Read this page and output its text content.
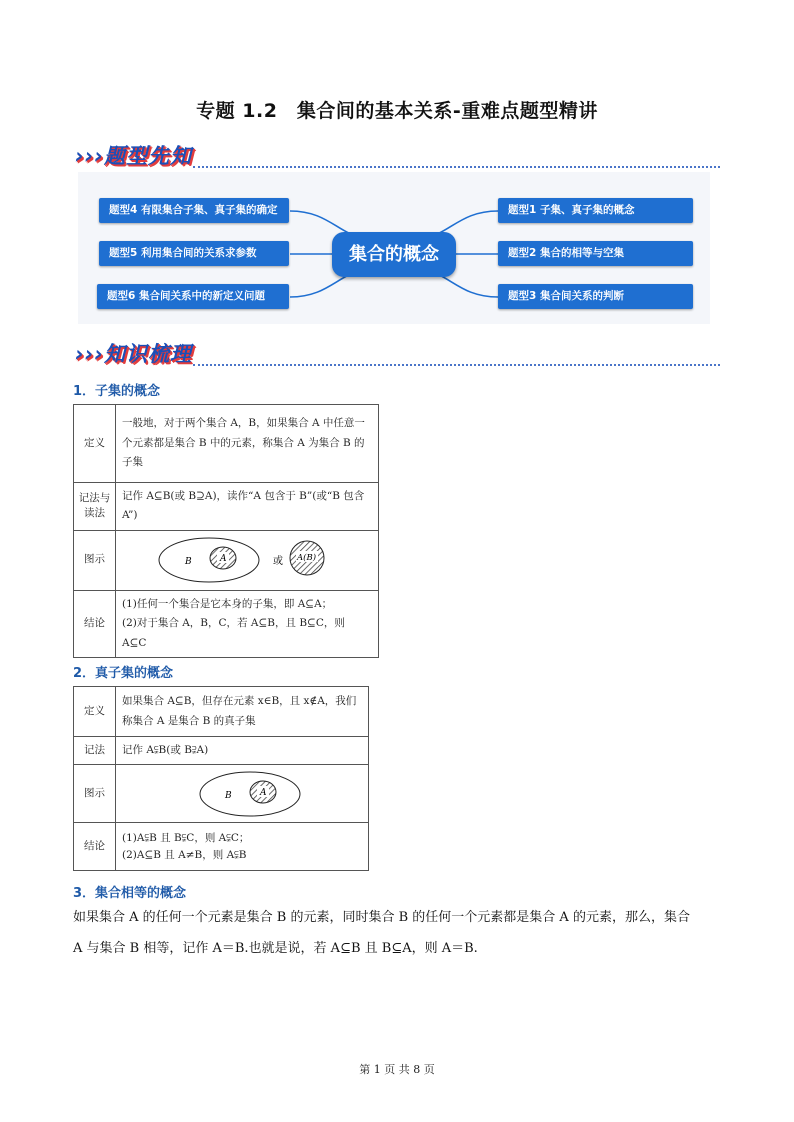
专题 1.2　集合间的基本关系-重难点题型精讲
›››题型先知
集合的概念
题型4 有限集合子集、真子集的确定
题型5 利用集合间的关系求参数
题型6 集合间关系中的新定义问题
题型1 子集、真子集的概念
题型2 集合的相等与空集
题型3 集合间关系的判断
›››知识梳理
1．子集的概念
定义	一般地，对于两个集合 A，B，如果集合 A 中任意一个元素都是集合 B 中的元素，称集合 A 为集合 B 的子集
记法与读法	记作 A⊆B(或 B⊇A)，读作“A 包含于 B”(或“B 包含 A”)
图示	B A 或 A(B)

结论	(1)任何一个集合是它本身的子集，即 A⊆A；
(2)对于集合 A，B，C，若 A⊆B，且 B⊆C，则 A⊆C
2．真子集的概念
定义	如果集合 A⊆B，但存在元素 x∈B，且 x∉A，我们称集合 A 是集合 B 的真子集
记法	记作 A⫋B(或 B⫌A)
图示	B A

结论	(1)A⫋B 且 B⫋C，则 A⫋C；
(2)A⊆B 且 A≠B，则 A⫋B
3．集合相等的概念
如果集合 A 的任何一个元素是集合 B 的元素，同时集合 B 的任何一个元素都是集合 A 的元素，那么，集合
A 与集合 B 相等，记作 A＝B.也就是说，若 A⊆B 且 B⊆A，则 A＝B.
第 1 页 共 8 页
